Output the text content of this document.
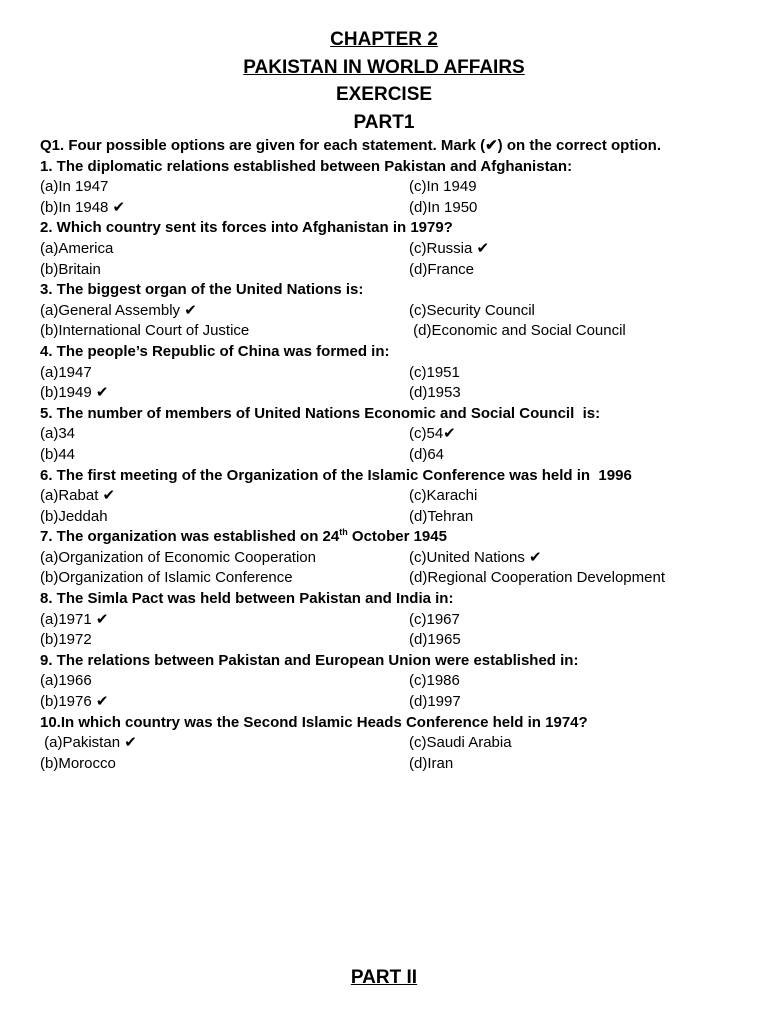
CHAPTER 2
PAKISTAN IN WORLD AFFAIRS
EXERCISE
PART1
Q1. Four possible options are given for each statement. Mark (✔) on the correct option.
1. The diplomatic relations established between Pakistan and Afghanistan:
(a)In 1947	(c)In 1949
(b)In 1948 ✔	(d)In 1950
2. Which country sent its forces into Afghanistan in 1979?
(a)America	(c)Russia ✔
(b)Britain	(d)France
3. The biggest organ of the United Nations is:
(a)General Assembly ✔	(c)Security Council
(b)International Court of Justice	(d)Economic and Social Council
4. The people’s Republic of China was formed in:
(a)1947	(c)1951
(b)1949 ✔	(d)1953
5. The number of members of United Nations Economic and Social Council  is:
(a)34	(c)54✔
(b)44	(d)64
6. The first meeting of the Organization of the Islamic Conference was held in  1996
(a)Rabat ✔	(c)Karachi
(b)Jeddah	(d)Tehran
7. The organization was established on 24th October 1945
(a)Organization of Economic Cooperation	(c)United Nations ✔
(b)Organization of Islamic Conference	(d)Regional Cooperation Development
8. The Simla Pact was held between Pakistan and India in:
(a)1971 ✔	(c)1967
(b)1972	(d)1965
9. The relations between Pakistan and European Union were established in:
(a)1966	(c)1986
(b)1976 ✔	(d)1997
10.In which country was the Second Islamic Heads Conference held in 1974?
(a)Pakistan ✔	(c)Saudi Arabia
(b)Morocco	(d)Iran
PART II
